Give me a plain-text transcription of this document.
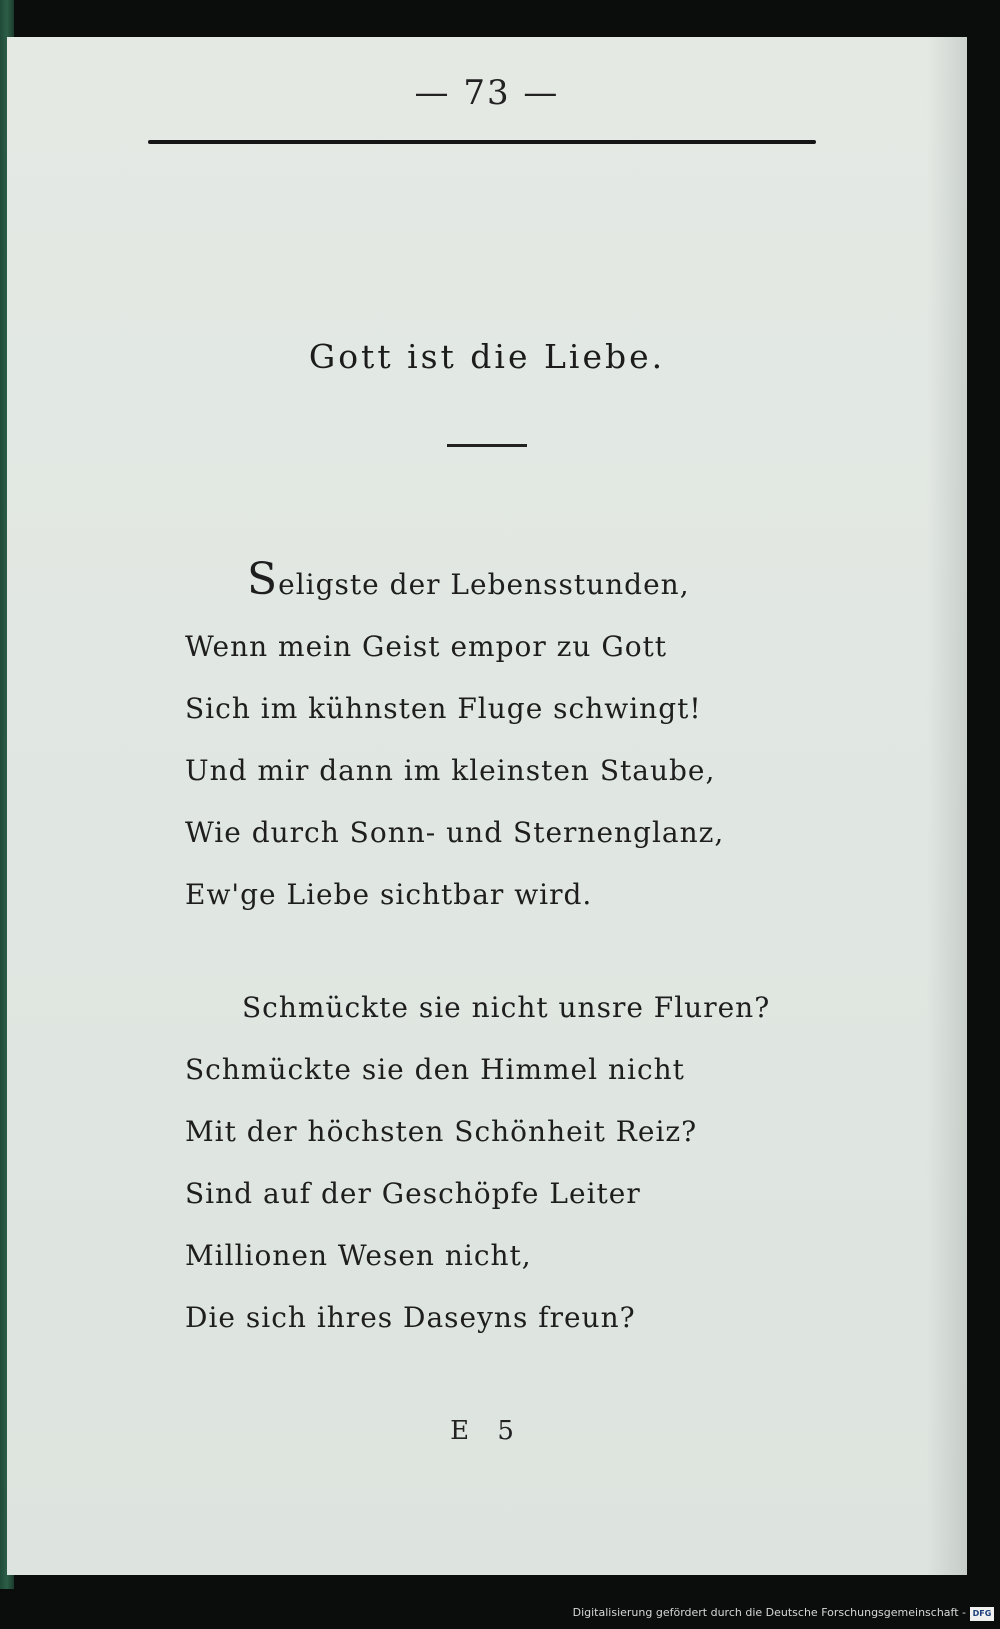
— 73 —
Gott ist die Liebe.
Seligste der Lebensstunden,
Wenn mein Geist empor zu Gott
Sich im kühnsten Fluge schwingt!
Und mir dann im kleinsten Staube,
Wie durch Sonn- und Sternenglanz,
Ew'ge Liebe sichtbar wird.
Schmückte sie nicht unsre Fluren?
Schmückte sie den Himmel nicht
Mit der höchsten Schönheit Reiz?
Sind auf der Geschöpfe Leiter
Millionen Wesen nicht,
Die sich ihres Daseyns freun?
E 5
Digitalisierung gefördert durch die Deutsche Forschungsgemeinschaft - DFG
